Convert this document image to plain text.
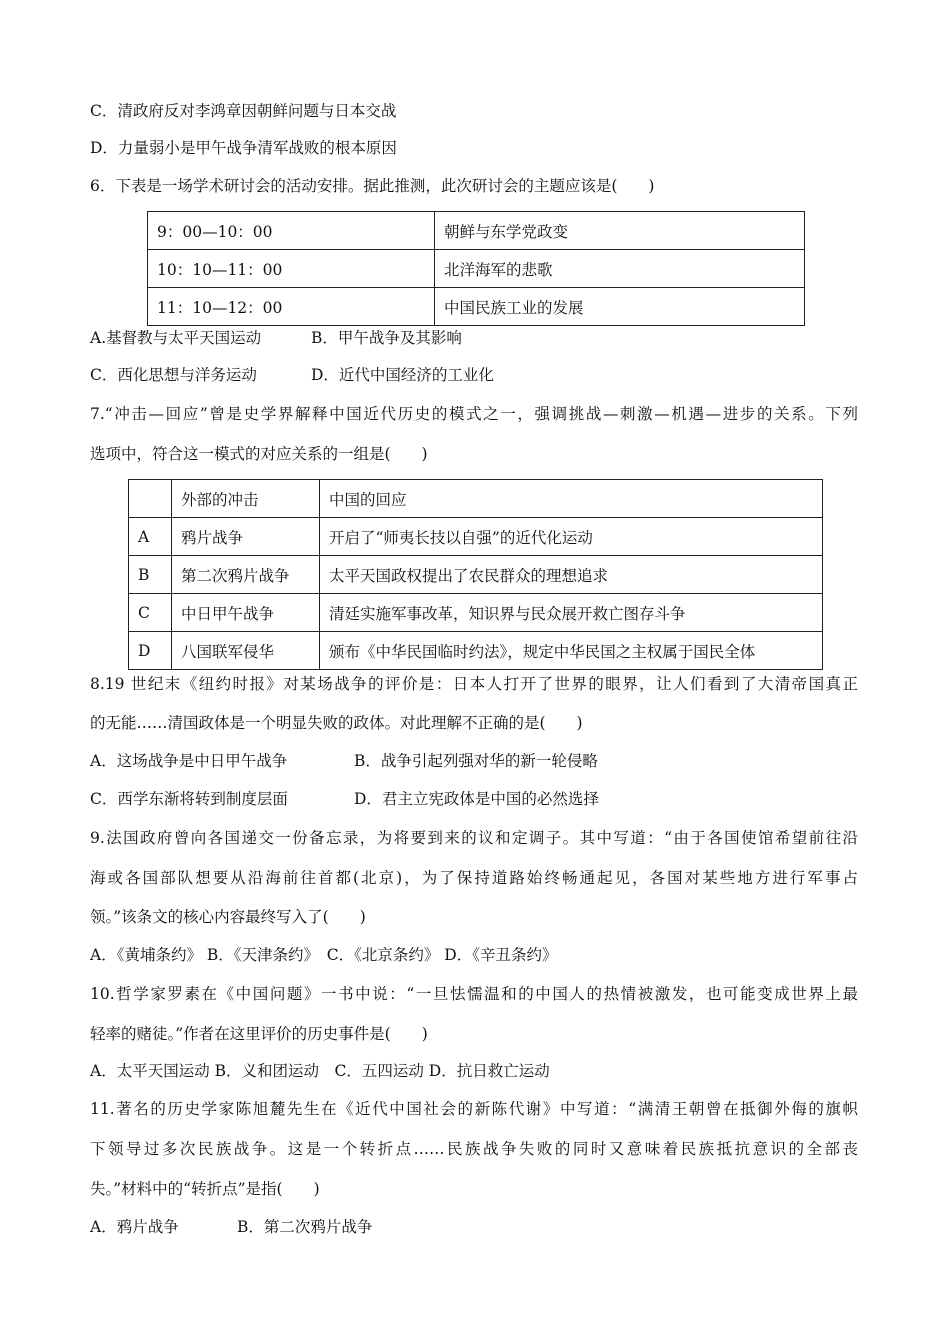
C．清政府反对李鸿章因朝鲜问题与日本交战
D．力量弱小是甲午战争清军战败的根本原因
6．下表是一场学术研讨会的活动安排。据此推测，此次研讨会的主题应该是(　　)
9：00—10：00	朝鲜与东学党政变
10：10—11：00	北洋海军的悲歌
11：10—12：00	中国民族工业的发展
A.基督教与太平天国运动	B．甲午战争及其影响
C．西化思想与洋务运动	D．近代中国经济的工业化
7.“冲击—回应”曾是史学界解释中国近代历史的模式之一，强调挑战—刺激—机遇—进步的关系。下列
选项中，符合这一模式的对应关系的一组是(　　)
	外部的冲击	中国的回应
A	鸦片战争	开启了“师夷长技以自强”的近代化运动
B	第二次鸦片战争	太平天国政权提出了农民群众的理想追求
C	中日甲午战争	清廷实施军事改革，知识界与民众展开救亡图存斗争
D	八国联军侵华	颁布《中华民国临时约法》，规定中华民国之主权属于国民全体
8.19 世纪末《纽约时报》对某场战争的评价是：日本人打开了世界的眼界，让人们看到了大清帝国真正
的无能……清国政体是一个明显失败的政体。对此理解不正确的是(　　)
A．这场战争是中日甲午战争	B．战争引起列强对华的新一轮侵略
C．西学东渐将转到制度层面	D．君主立宪政体是中国的必然选择
9.法国政府曾向各国递交一份备忘录，为将要到来的议和定调子。其中写道：“由于各国使馆希望前往沿
海或各国部队想要从沿海前往首都(北京)，为了保持道路始终畅通起见，各国对某些地方进行军事占
领。”该条文的核心内容最终写入了(　　)
A．《黄埔条约》 B．《天津条约》　C．《北京条约》 D．《辛丑条约》
10.哲学家罗素在《中国问题》一书中说：“一旦怯懦温和的中国人的热情被激发，也可能变成世界上最
轻率的赌徒。”作者在这里评价的历史事件是(　　)
A．太平天国运动 B．义和团运动　C．五四运动 D．抗日救亡运动
11.著名的历史学家陈旭麓先生在《近代中国社会的新陈代谢》中写道：“满清王朝曾在抵御外侮的旗帜
下领导过多次民族战争。这是一个转折点……民族战争失败的同时又意味着民族抵抗意识的全部丧
失。”材料中的“转折点”是指(　　)
A．鸦片战争	B．第二次鸦片战争
